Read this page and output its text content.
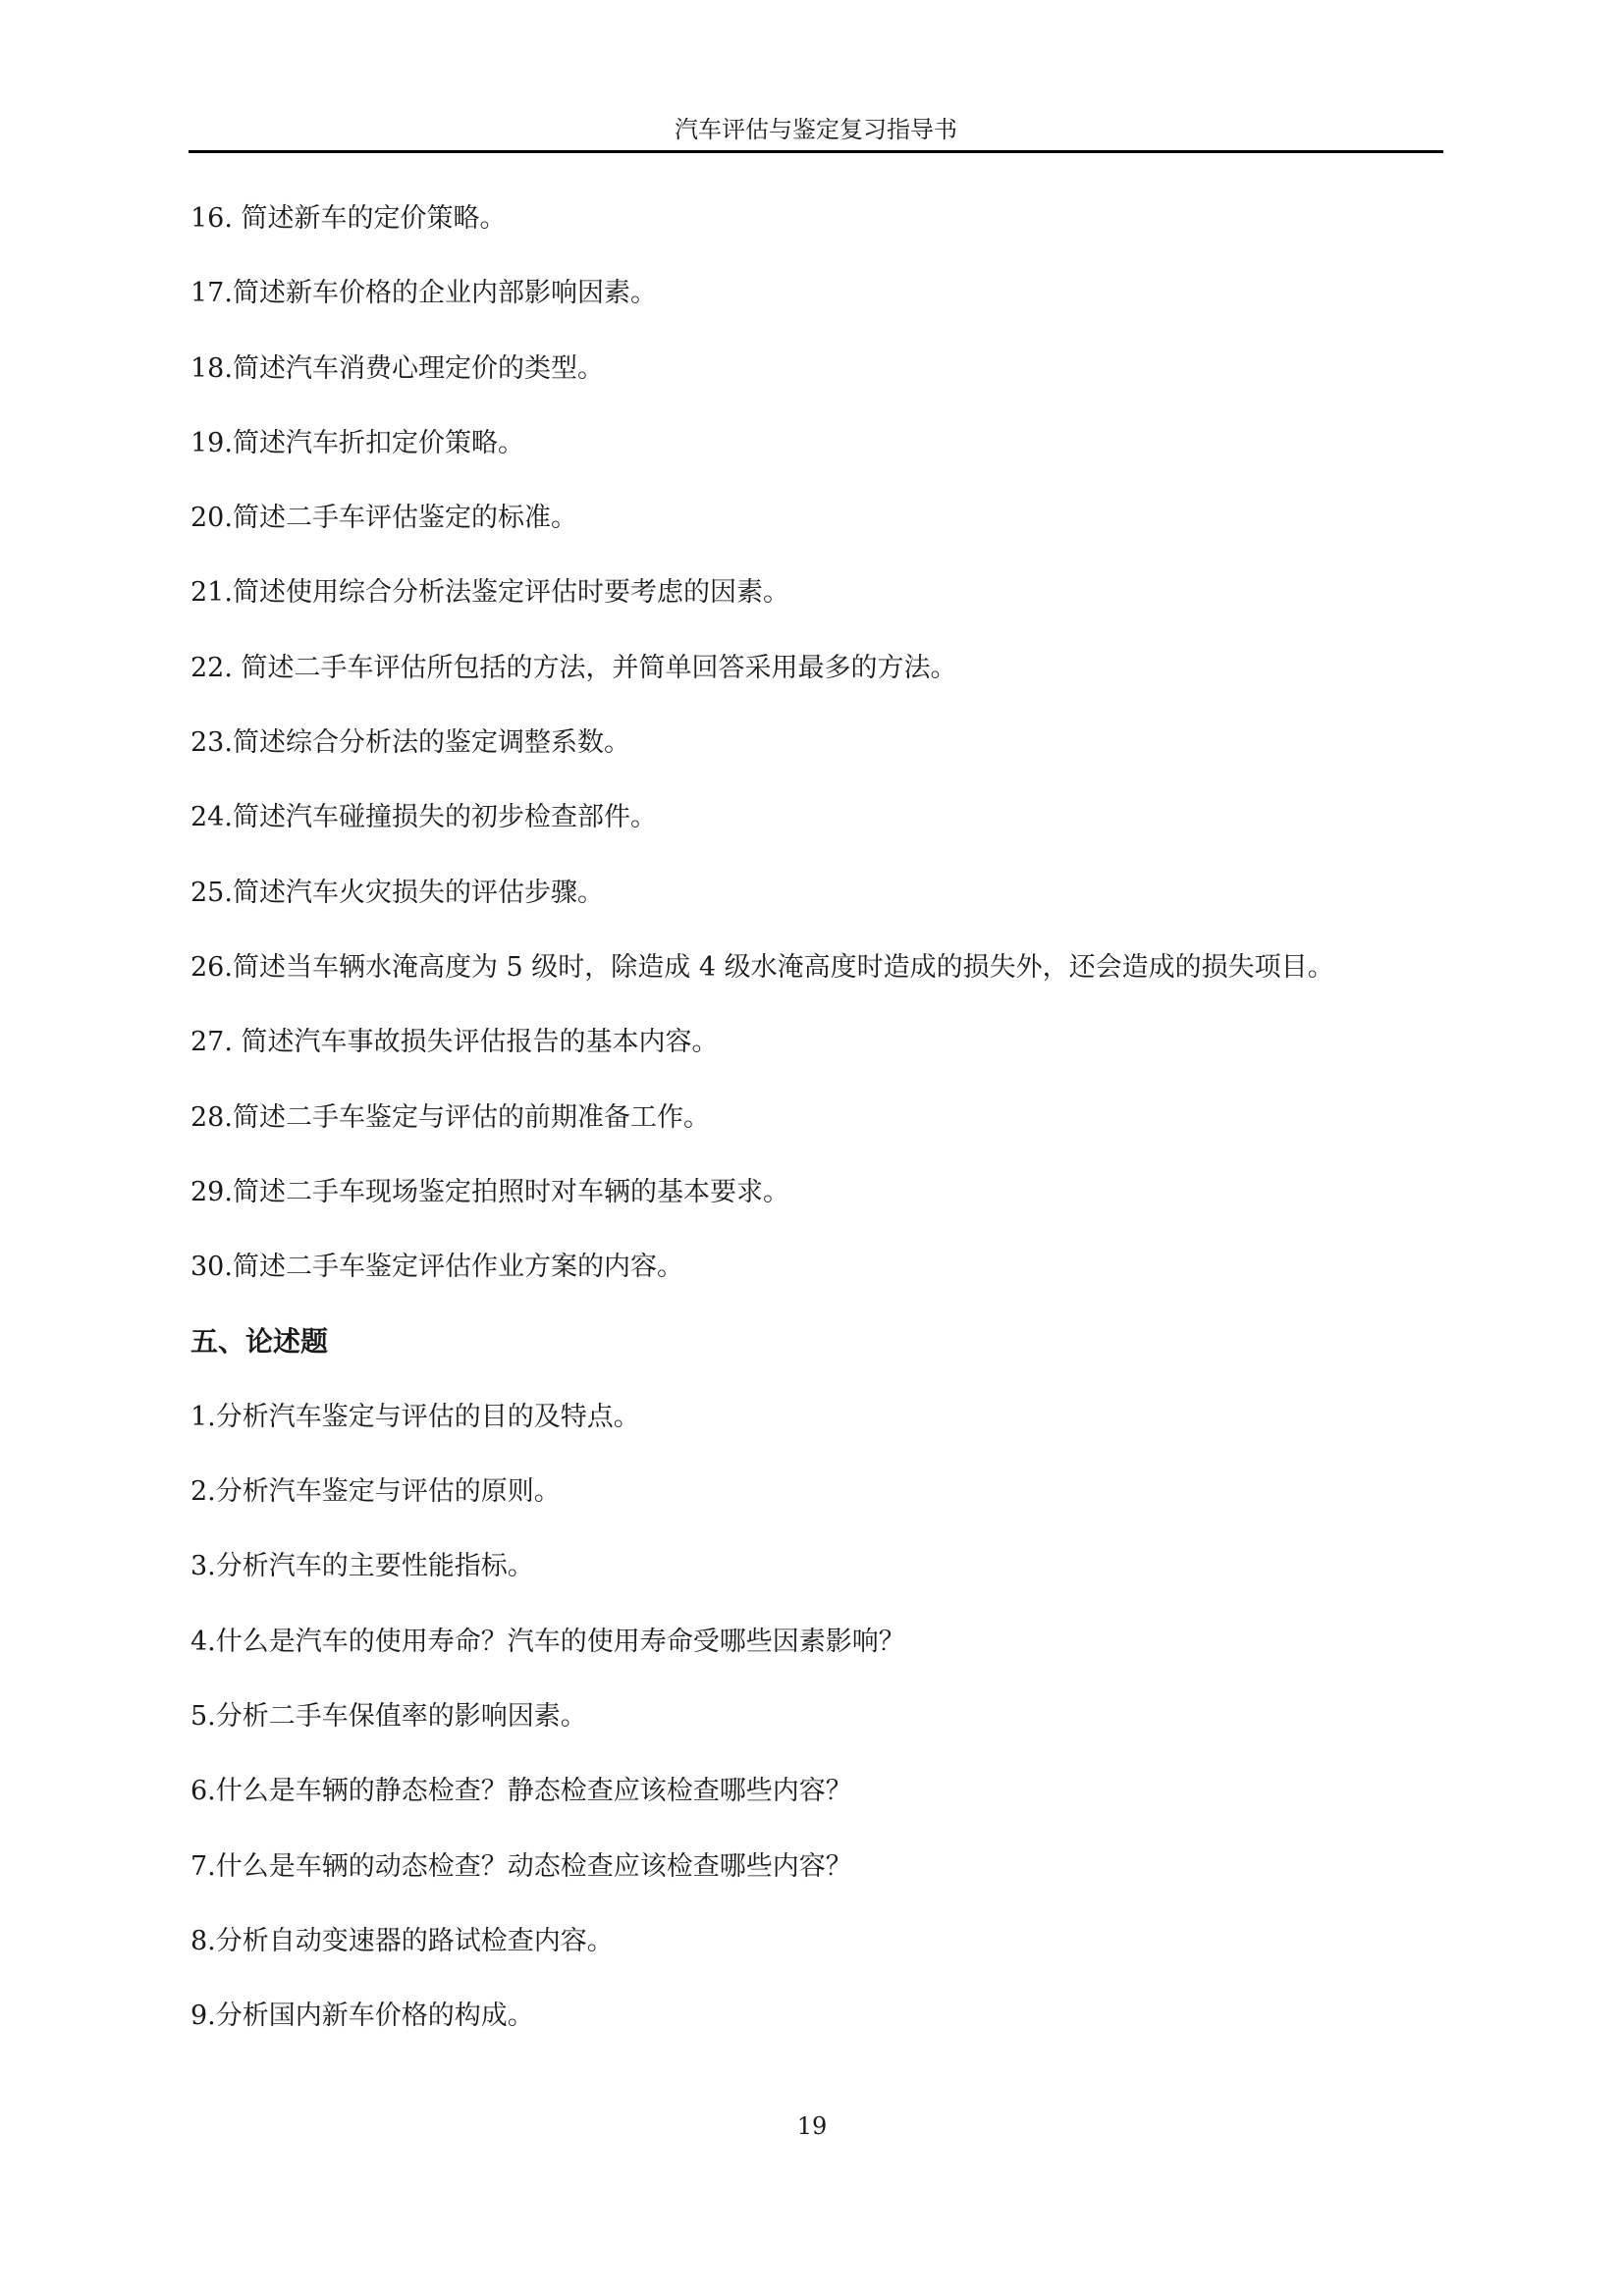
汽车评估与鉴定复习指导书
16. 简述新车的定价策略。
17.简述新车价格的企业内部影响因素。
18.简述汽车消费心理定价的类型。
19.简述汽车折扣定价策略。
20.简述二手车评估鉴定的标准。
21.简述使用综合分析法鉴定评估时要考虑的因素。
22. 简述二手车评估所包括的方法，并简单回答采用最多的方法。
23.简述综合分析法的鉴定调整系数。
24.简述汽车碰撞损失的初步检查部件。
25.简述汽车火灾损失的评估步骤。
26.简述当车辆水淹高度为 5 级时，除造成 4 级水淹高度时造成的损失外，还会造成的损失项目。
27. 简述汽车事故损失评估报告的基本内容。
28.简述二手车鉴定与评估的前期准备工作。
29.简述二手车现场鉴定拍照时对车辆的基本要求。
30.简述二手车鉴定评估作业方案的内容。
五、论述题
1.分析汽车鉴定与评估的目的及特点。
2.分析汽车鉴定与评估的原则。
3.分析汽车的主要性能指标。
4.什么是汽车的使用寿命？汽车的使用寿命受哪些因素影响？
5.分析二手车保值率的影响因素。
6.什么是车辆的静态检查？静态检查应该检查哪些内容？
7.什么是车辆的动态检查？动态检查应该检查哪些内容？
8.分析自动变速器的路试检查内容。
9.分析国内新车价格的构成。
19
